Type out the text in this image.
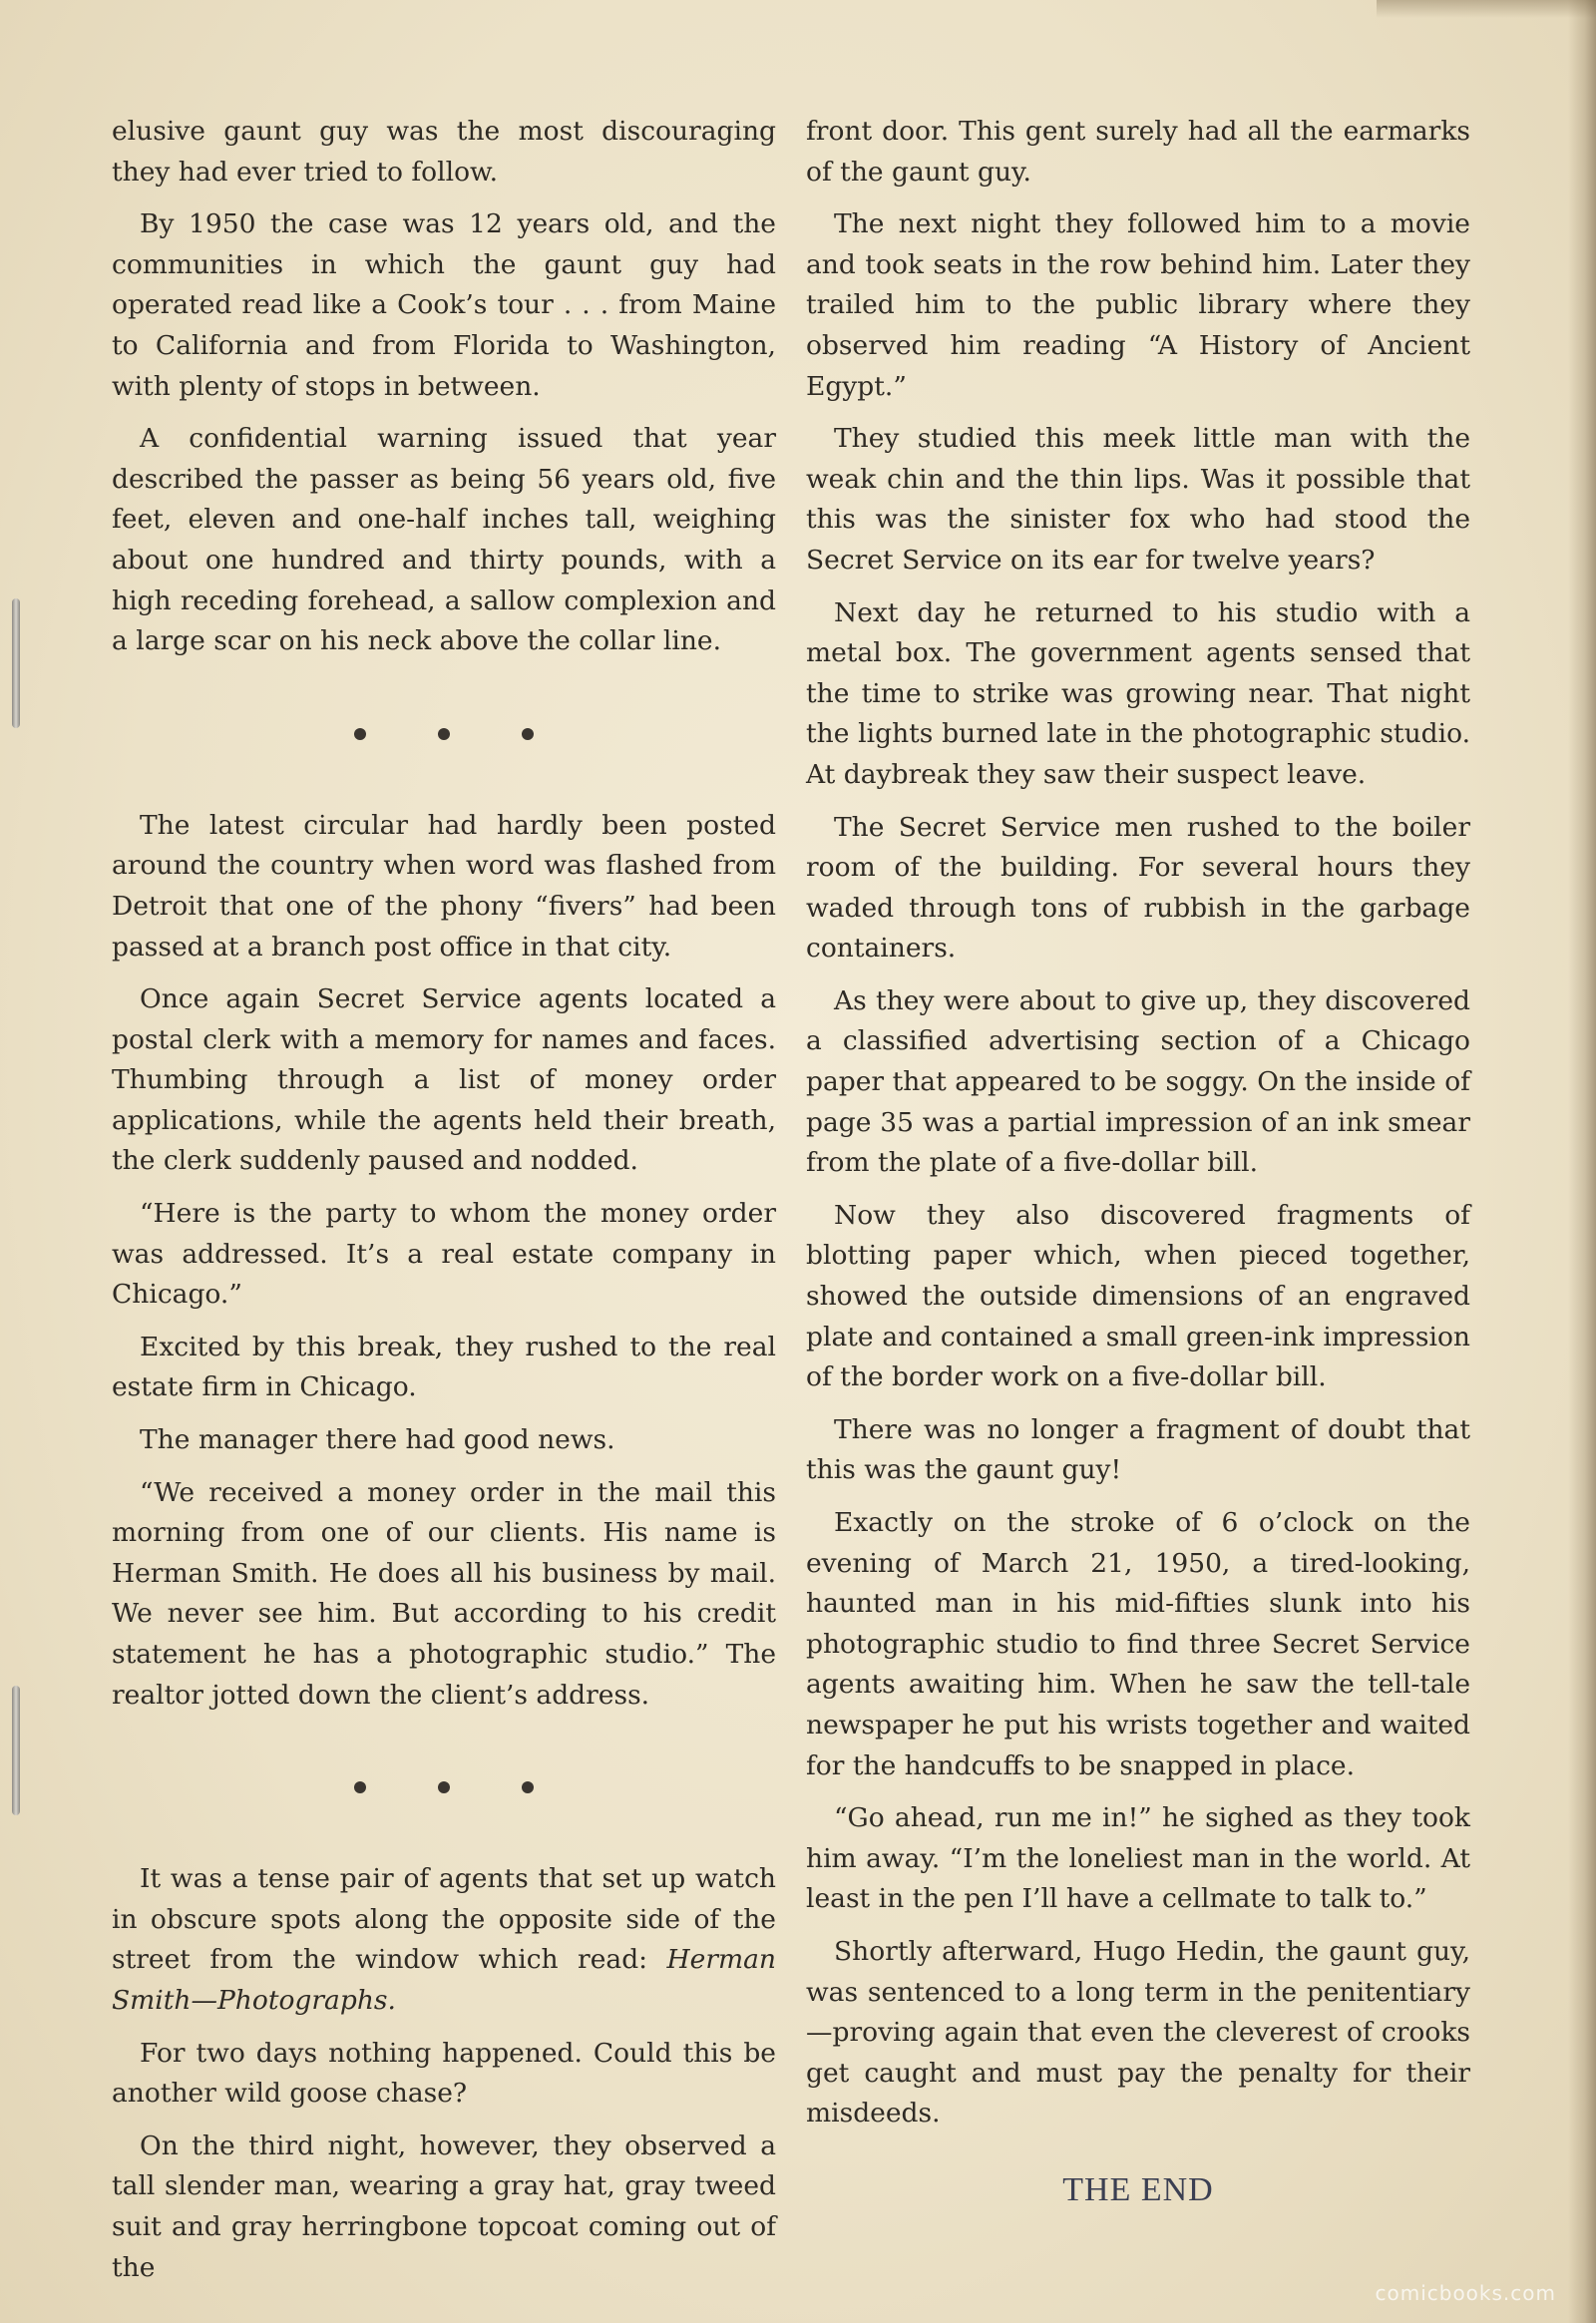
elusive gaunt guy was the most discouraging they had ever tried to follow.

By 1950 the case was 12 years old, and the communities in which the gaunt guy had operated read like a Cook’s tour . . . from Maine to California and from Florida to Washington, with plenty of stops in between.

A confidential warning issued that year described the passer as being 56 years old, five feet, eleven and one-half inches tall, weighing about one hundred and thirty pounds, with a high receding forehead, a sallow complexion and a large scar on his neck above the collar line.

The latest circular had hardly been posted around the country when word was flashed from Detroit that one of the phony “fivers” had been passed at a branch post office in that city.

Once again Secret Service agents located a postal clerk with a memory for names and faces. Thumbing through a list of money order applications, while the agents held their breath, the clerk suddenly paused and nodded.

“Here is the party to whom the money order was addressed. It’s a real estate company in Chicago.”

Excited by this break, they rushed to the real estate firm in Chicago.

The manager there had good news.

“We received a money order in the mail this morning from one of our clients. His name is Herman Smith. He does all his business by mail. We never see him. But according to his credit statement he has a photographic studio.” The realtor jotted down the client’s address.

It was a tense pair of agents that set up watch in obscure spots along the opposite side of the street from the window which read: Herman Smith—Photographs.

For two days nothing happened. Could this be another wild goose chase?

On the third night, however, they observed a tall slender man, wearing a gray hat, gray tweed suit and gray herringbone topcoat coming out of the

front door. This gent surely had all the earmarks of the gaunt guy.

The next night they followed him to a movie and took seats in the row behind him. Later they trailed him to the public library where they observed him reading “A History of Ancient Egypt.”

They studied this meek little man with the weak chin and the thin lips. Was it possible that this was the sinister fox who had stood the Secret Service on its ear for twelve years?

Next day he returned to his studio with a metal box. The government agents sensed that the time to strike was growing near. That night the lights burned late in the photographic studio. At daybreak they saw their suspect leave.

The Secret Service men rushed to the boiler room of the building. For several hours they waded through tons of rubbish in the garbage containers.

As they were about to give up, they discovered a classified advertising section of a Chicago paper that appeared to be soggy. On the inside of page 35 was a partial impression of an ink smear from the plate of a five-dollar bill.

Now they also discovered fragments of blotting paper which, when pieced together, showed the outside dimensions of an engraved plate and contained a small green-ink impression of the border work on a five-dollar bill.

There was no longer a fragment of doubt that this was the gaunt guy!

Exactly on the stroke of 6 o’clock on the evening of March 21, 1950, a tired-looking, haunted man in his mid-fifties slunk into his photographic studio to find three Secret Service agents awaiting him. When he saw the tell-tale newspaper he put his wrists together and waited for the handcuffs to be snapped in place.

“Go ahead, run me in!” he sighed as they took him away. “I’m the loneliest man in the world. At least in the pen I’ll have a cellmate to talk to.”

Shortly afterward, Hugo Hedin, the gaunt guy, was sentenced to a long term in the penitentiary—proving again that even the cleverest of crooks get caught and must pay the penalty for their misdeeds.

THE END
comicbooks.com
